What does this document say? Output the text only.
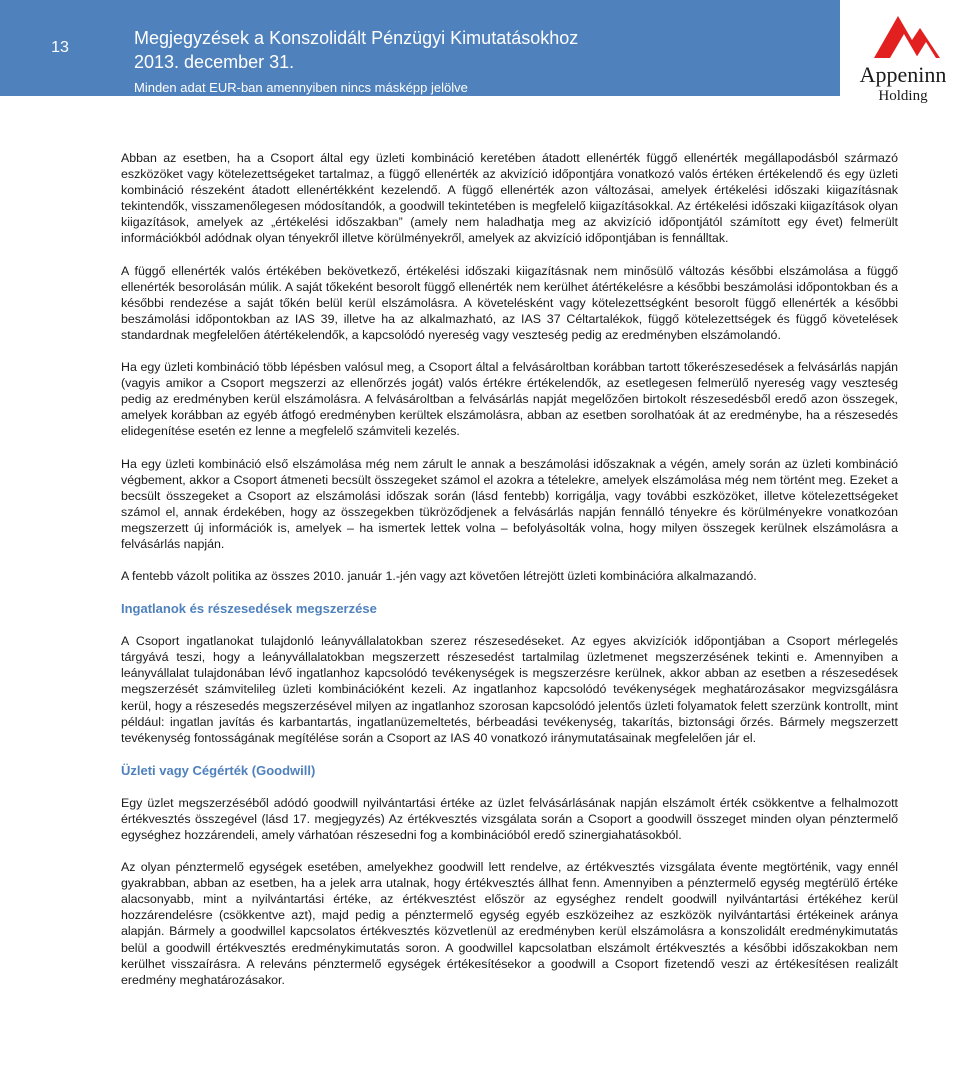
13	Megjegyzések a Konszolidált Pénzügyi Kimutatásokhoz
2013. december 31.
Minden adat EUR-ban amennyiben nincs másképp jelölve
Appeninn
Holding

Abban az esetben, ha a Csoport által egy üzleti kombináció keretében átadott ellenérték függő ellenérték megállapodásból származó eszközöket vagy kötelezettségeket tartalmaz, a függő ellenérték az akvizíció időpontjára vonatkozó valós értéken értékelendő és egy üzleti kombináció részeként átadott ellenértékként kezelendő. A függő ellenérték azon változásai, amelyek értékelési időszaki kiigazításnak tekintendők, visszamenőlegesen módosítandók, a goodwill tekintetében is megfelelő kiigazításokkal. Az értékelési időszaki kiigazítások olyan kiigazítások, amelyek az „értékelési időszakban” (amely nem haladhatja meg az akvizíció időpontjától számított egy évet) felmerült információkból adódnak olyan tényekről illetve körülményekről, amelyek az akvizíció időpontjában is fennálltak.

A függő ellenérték valós értékében bekövetkező, értékelési időszaki kiigazításnak nem minősülő változás későbbi elszámolása a függő ellenérték besorolásán múlik. A saját tőkeként besorolt függő ellenérték nem kerülhet átértékelésre a későbbi beszámolási időpontokban és a későbbi rendezése a saját tőkén belül kerül elszámolásra. A követelésként vagy kötelezettségként besorolt függő ellenérték a későbbi beszámolási időpontokban az IAS 39, illetve ha az alkalmazható, az IAS 37 Céltartalékok, függő kötelezettségek és függő követelések standardnak megfelelően átértékelendők, a kapcsolódó nyereség vagy veszteség pedig az eredményben elszámolandó.

Ha egy üzleti kombináció több lépésben valósul meg, a Csoport által a felvásároltban korábban tartott tőkerészesedések a felvásárlás napján (vagyis amikor a Csoport megszerzi az ellenőrzés jogát) valós értékre értékelendők, az esetlegesen felmerülő nyereség vagy veszteség pedig az eredményben kerül elszámolásra. A felvásároltban a felvásárlás napját megelőzően birtokolt részesedésből eredő azon összegek, amelyek korábban az egyéb átfogó eredményben kerültek elszámolásra, abban az esetben sorolhatóak át az eredménybe, ha a részesedés elidegenítése esetén ez lenne a megfelelő számviteli kezelés.

Ha egy üzleti kombináció első elszámolása még nem zárult le annak a beszámolási időszaknak a végén, amely során az üzleti kombináció végbement, akkor a Csoport átmeneti becsült összegeket számol el azokra a tételekre, amelyek elszámolása még nem történt meg. Ezeket a becsült összegeket a Csoport az elszámolási időszak során (lásd fentebb) korrigálja, vagy további eszközöket, illetve kötelezettségeket számol el, annak érdekében, hogy az összegekben tükröződjenek a felvásárlás napján fennálló tényekre és körülményekre vonatkozóan megszerzett új információk is, amelyek – ha ismertek lettek volna – befolyásolták volna, hogy milyen összegek kerülnek elszámolásra a felvásárlás napján.

A fentebb vázolt politika az összes 2010. január 1.-jén vagy azt követően létrejött üzleti kombinációra alkalmazandó.

Ingatlanok és részesedések megszerzése

A Csoport ingatlanokat tulajdonló leányvállalatokban szerez részesedéseket. Az egyes akvizíciók időpontjában a Csoport mérlegelés tárgyává teszi, hogy a leányvállalatokban megszerzett részesedést tartalmilag üzletmenet megszerzésének tekinti e. Amennyiben a leányvállalat tulajdonában lévő ingatlanhoz kapcsolódó tevékenységek is megszerzésre kerülnek, akkor abban az esetben a részesedések megszerzését számvitelileg üzleti kombinációként kezeli. Az ingatlanhoz kapcsolódó tevékenységek meghatározásakor megvizsgálásra kerül, hogy a részesedés megszerzésével milyen az ingatlanhoz szorosan kapcsolódó jelentős üzleti folyamatok felett szerzünk kontrollt, mint például: ingatlan javítás és karbantartás, ingatlanüzemeltetés, bérbeadási tevékenység, takarítás, biztonsági őrzés. Bármely megszerzett tevékenység fontosságának megítélése során a Csoport az IAS 40 vonatkozó iránymutatásainak megfelelően jár el.

Üzleti vagy Cégérték (Goodwill)

Egy üzlet megszerzéséből adódó goodwill nyilvántartási értéke az üzlet felvásárlásának napján elszámolt érték csökkentve a felhalmozott értékvesztés összegével (lásd 17. megjegyzés) Az értékvesztés vizsgálata során a Csoport a goodwill összeget minden olyan pénztermelő egységhez hozzárendeli, amely várhatóan részesedni fog a kombinációból eredő szinergiahatásokból.

Az olyan pénztermelő egységek esetében, amelyekhez goodwill lett rendelve, az értékvesztés vizsgálata évente megtörténik, vagy ennél gyakrabban, abban az esetben, ha a jelek arra utalnak, hogy értékvesztés állhat fenn. Amennyiben a pénztermelő egység megtérülő értéke alacsonyabb, mint a nyilvántartási értéke, az értékvesztést először az egységhez rendelt goodwill nyilvántartási értékéhez kerül hozzárendelésre (csökkentve azt), majd pedig a pénztermelő egység egyéb eszközeihez az eszközök nyilvántartási értékeinek aránya alapján. Bármely a goodwillel kapcsolatos értékvesztés közvetlenül az eredményben kerül elszámolásra a konszolidált eredménykimutatás belül a goodwill értékvesztés eredménykimutatás soron. A goodwillel kapcsolatban elszámolt értékvesztés a későbbi időszakokban nem kerülhet visszaírásra. A releváns pénztermelő egységek értékesítésekor a goodwill a Csoport fizetendő veszi az értékesítésen realizált eredmény meghatározásakor.
